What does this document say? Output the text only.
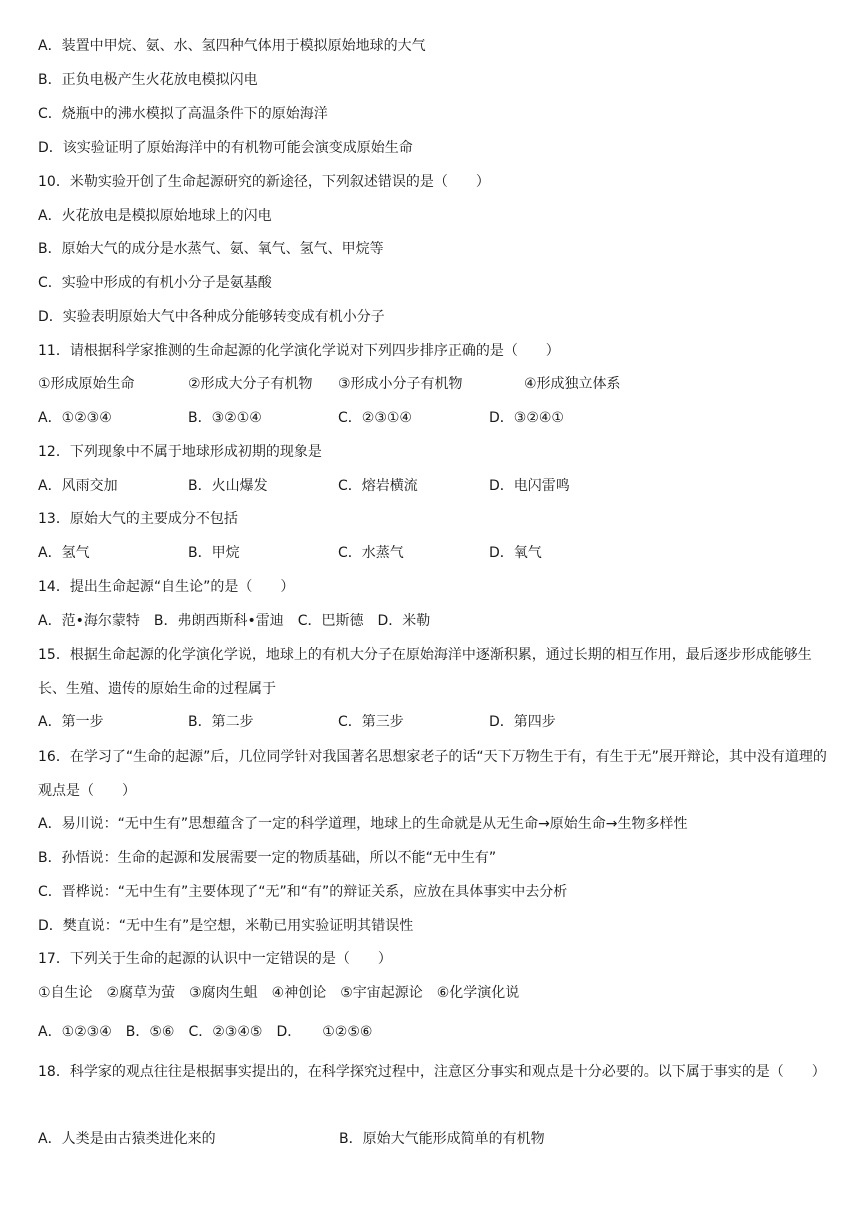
A．装置中甲烷、氨、水、氢四种气体用于模拟原始地球的大气
B．正负电极产生火花放电模拟闪电
C．烧瓶中的沸水模拟了高温条件下的原始海洋
D．该实验证明了原始海洋中的有机物可能会演变成原始生命
10．米勒实验开创了生命起源研究的新途径，下列叙述错误的是（　　）
A．火花放电是模拟原始地球上的闪电
B．原始大气的成分是水蒸气、氨、氧气、氢气、甲烷等
C．实验中形成的有机小分子是氨基酸
D．实验表明原始大气中各种成分能够转变成有机小分子
11．请根据科学家推测的生命起源的化学演化学说对下列四步排序正确的是（　　）
①形成原始生命	②形成大分子有机物 ③形成小分子有机物	④形成独立体系
A．①②③④	B．③②①④	C．②③①④	D．③②④①
12．下列现象中不属于地球形成初期的现象是
A．风雨交加	B．火山爆发	C．熔岩横流	D．电闪雷鸣
13．原始大气的主要成分不包括
A．氢气	B．甲烷	C．水蒸气	D．氧气
14．提出生命起源“自生论”的是（　　）
A．范•海尔蒙特　B．弗朗西斯科•雷迪　C．巴斯德　D．米勒
15．根据生命起源的化学演化学说，地球上的有机大分子在原始海洋中逐渐积累，通过长期的相互作用，最后逐步形成能够生长、生殖、遗传的原始生命的过程属于
A．第一步	B．第二步	C．第三步	D．第四步
16．在学习了“生命的起源”后，几位同学针对我国著名思想家老子的话“天下万物生于有，有生于无”展开辩论，其中没有道理的观点是（　　）
A．易川说：“无中生有”思想蕴含了一定的科学道理，地球上的生命就是从无生命→原始生命→生物多样性
B．孙悟说：生命的起源和发展需要一定的物质基础，所以不能“无中生有”
C．晋桦说：“无中生有”主要体现了“无”和“有”的辩证关系，应放在具体事实中去分析
D．樊直说：“无中生有”是空想，米勒已用实验证明其错误性
17．下列关于生命的起源的认识中一定错误的是（　　）
①自生论　②腐草为萤　③腐肉生蛆　④神创论　⑤宇宙起源论　⑥化学演化说
A．①②③④　B．⑤⑥　C．②③④⑤　D．　　①②⑤⑥
18．科学家的观点往往是根据事实提出的，在科学探究过程中，注意区分事实和观点是十分必要的。以下属于事实的是（　　）
A．人类是由古猿类进化来的	B．原始大气能形成简单的有机物
